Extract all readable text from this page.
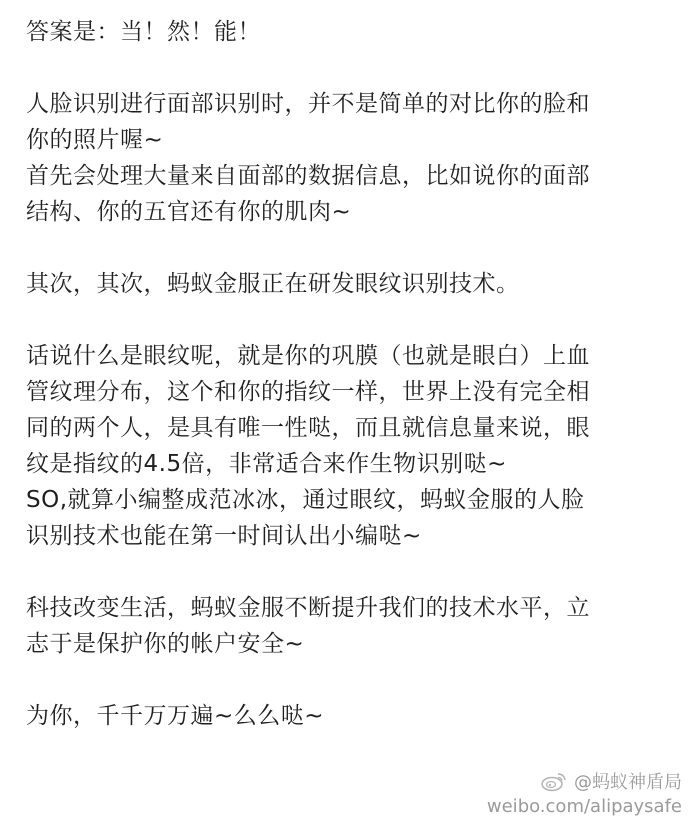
答案是：当！然！能！
人脸识别进行面部识别时，并不是简单的对比你的脸和
你的照片喔~
首先会处理大量来自面部的数据信息，比如说你的面部
结构、你的五官还有你的肌肉~
其次，其次，蚂蚁金服正在研发眼纹识别技术。
话说什么是眼纹呢，就是你的巩膜（也就是眼白）上血
管纹理分布，这个和你的指纹一样，世界上没有完全相
同的两个人，是具有唯一性哒，而且就信息量来说，眼
纹是指纹的4.5倍，非常适合来作生物识别哒~
SO,就算小编整成范冰冰，通过眼纹，蚂蚁金服的人脸
识别技术也能在第一时间认出小编哒~
科技改变生活，蚂蚁金服不断提升我们的技术水平，立
志于是保护你的帐户安全~
为你，千千万万遍~么么哒~
@蚂蚁神盾局
weibo.com/alipaysafe
